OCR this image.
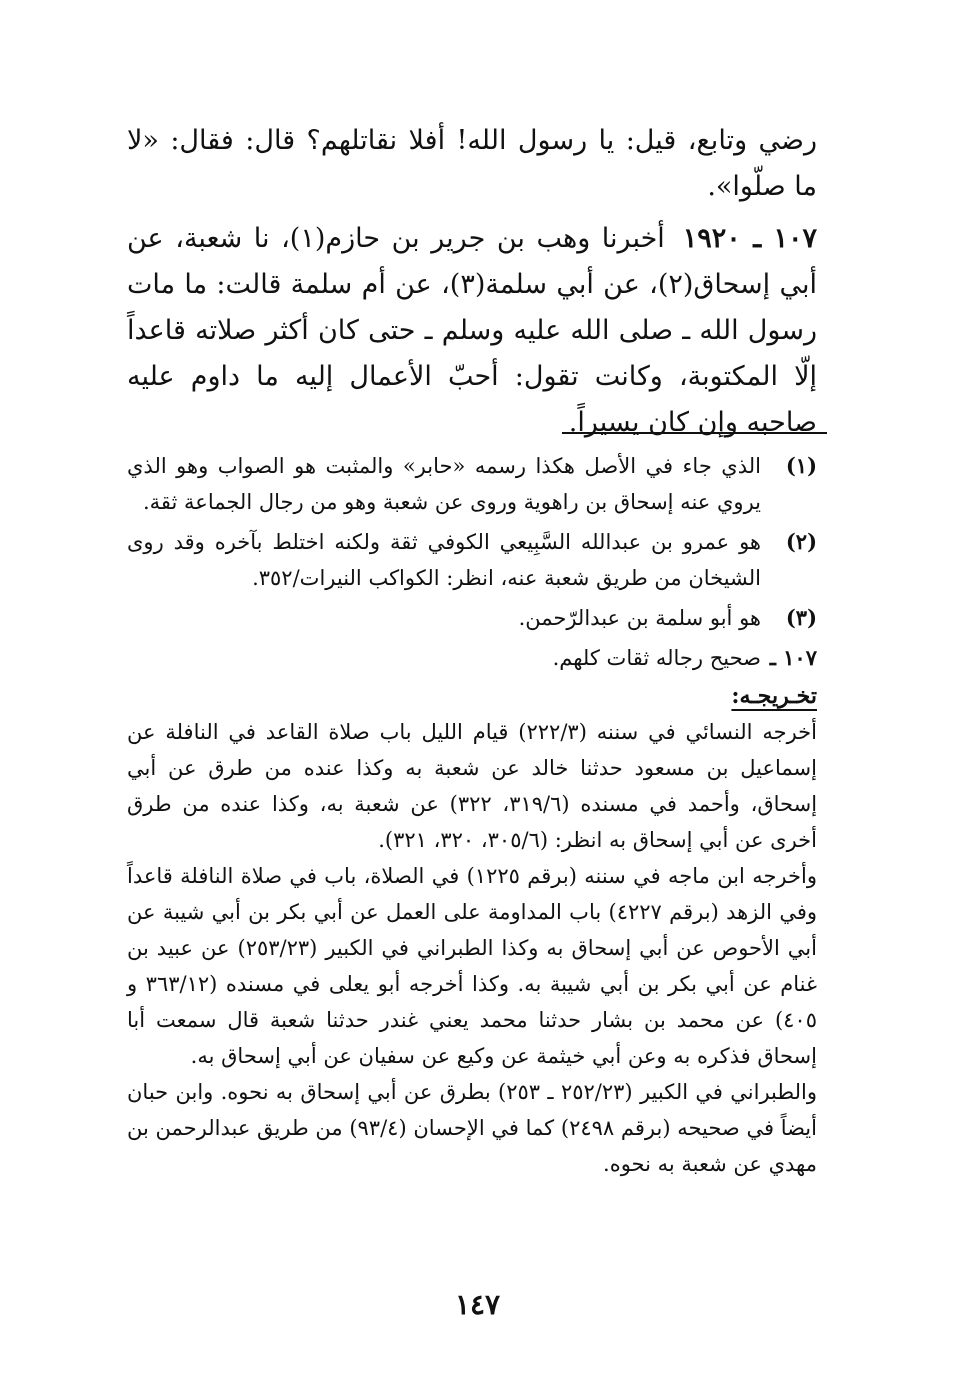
رضي وتابع، قيل: يا رسول الله! أفلا نقاتلهم؟ قال: فقال: «لا ما صلّوا».

١٠٧ ـ ١٩٢٠أخبرنا وهب بن جرير بن حازم(١)، نا شعبة، عن أبي إسحاق(٢)، عن أبي سلمة(٣)، عن أم سلمة قالت: ما مات رسول الله ـ صلى الله عليه وسلم ـ حتى كان أكثر صلاته قاعداً إلّا المكتوبة، وكانت تقول: أحبّ الأعمال إليه ما داوم عليه صاحبه وإن كان يسيراً.

(١)
الذي جاء في الأصل هكذا رسمه «حابر» والمثبت هو الصواب وهو الذي يروي عنه إسحاق بن راهوية وروى عن شعبة وهو من رجال الجماعة ثقة.
(٢)
هو عمرو بن عبدالله السَّبِيعي الكوفي ثقة ولكنه اختلط بآخره وقد روى الشيخان من طريق شعبة عنه، انظر: الكواكب النيرات/٣٥٢.
(٣)
هو أبو سلمة بن عبدالرّحمن.
١٠٧ ـ
صحيح رجاله ثقات كلهم.
تخـريجـه:

أخرجه النسائي في سننه (٢٢٢/٣) قيام الليل باب صلاة القاعد في النافلة عن إسماعيل بن مسعود حدثنا خالد عن شعبة به وكذا عنده من طرق عن أبي إسحاق، وأحمد في مسنده (٣١٩/٦، ٣٢٢) عن شعبة به، وكذا عنده من طرق أخرى عن أبي إسحاق به انظر: (٣٠٥/٦، ٣٢٠، ٣٢١).

وأخرجه ابن ماجه في سننه (برقم ١٢٢٥) في الصلاة، باب في صلاة النافلة قاعداً وفي الزهد (برقم ٤٢٢٧) باب المداومة على العمل عن أبي بكر بن أبي شيبة عن أبي الأحوص عن أبي إسحاق به وكذا الطبراني في الكبير (٢٥٣/٢٣) عن عبيد بن غنام عن أبي بكر بن أبي شيبة به. وكذا أخرجه أبو يعلى في مسنده (٣٦٣/١٢ و ٤٠٥) عن محمد بن بشار حدثنا محمد يعني غندر حدثنا شعبة قال سمعت أبا إسحاق فذكره به وعن أبي خيثمة عن وكيع عن سفيان عن أبي إسحاق به.

والطبراني في الكبير (٢٥٢/٢٣ ـ ٢٥٣) بطرق عن أبي إسحاق به نحوه. وابن حبان أيضاً في صحيحه (برقم ٢٤٩٨) كما في الإحسان (٩٣/٤) من طريق عبدالرحمن بن مهدي عن شعبة به نحوه.

١٤٧
